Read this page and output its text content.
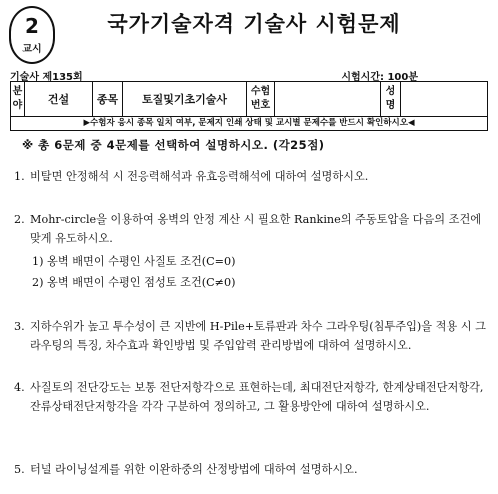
2
교시
국가기술자격 기술사 시험문제
기술사 제135회	시험시간: 100분
분야	건설	종목	토질및기초기술사	수험번호		성명	
▶수험자 응시 종목 일치 여부, 문제지 인쇄 상태 및 교시별 문제수를 반드시 확인하시오◀
※ 총 6문제 중 4문제를 선택하여 설명하시오. (각25점)
1. 비탈면 안정해석 시 전응력해석과 유효응력해석에 대하여 설명하시오.
2. Mohr-circle을 이용하여 옹벽의 안정 계산 시 필요한 Rankine의 주동토압을 다음의 조건에 맞게 유도하시오.
1) 옹벽 배면이 수평인 사질토 조건(C=0)
2) 옹벽 배면이 수평인 점성토 조건(C≠0)
3. 지하수위가 높고 투수성이 큰 지반에 H-Pile+토류판과 차수 그라우팅(침투주입)을 적용 시 그라우팅의 특징, 차수효과 확인방법 및 주입압력 관리방법에 대하여 설명하시오.
4. 사질토의 전단강도는 보통 전단저항각으로 표현하는데, 최대전단저항각, 한계상태전단저항각, 잔류상태전단저항각을 각각 구분하여 정의하고, 그 활용방안에 대하여 설명하시오.
5. 터널 라이닝설계를 위한 이완하중의 산정방법에 대하여 설명하시오.
